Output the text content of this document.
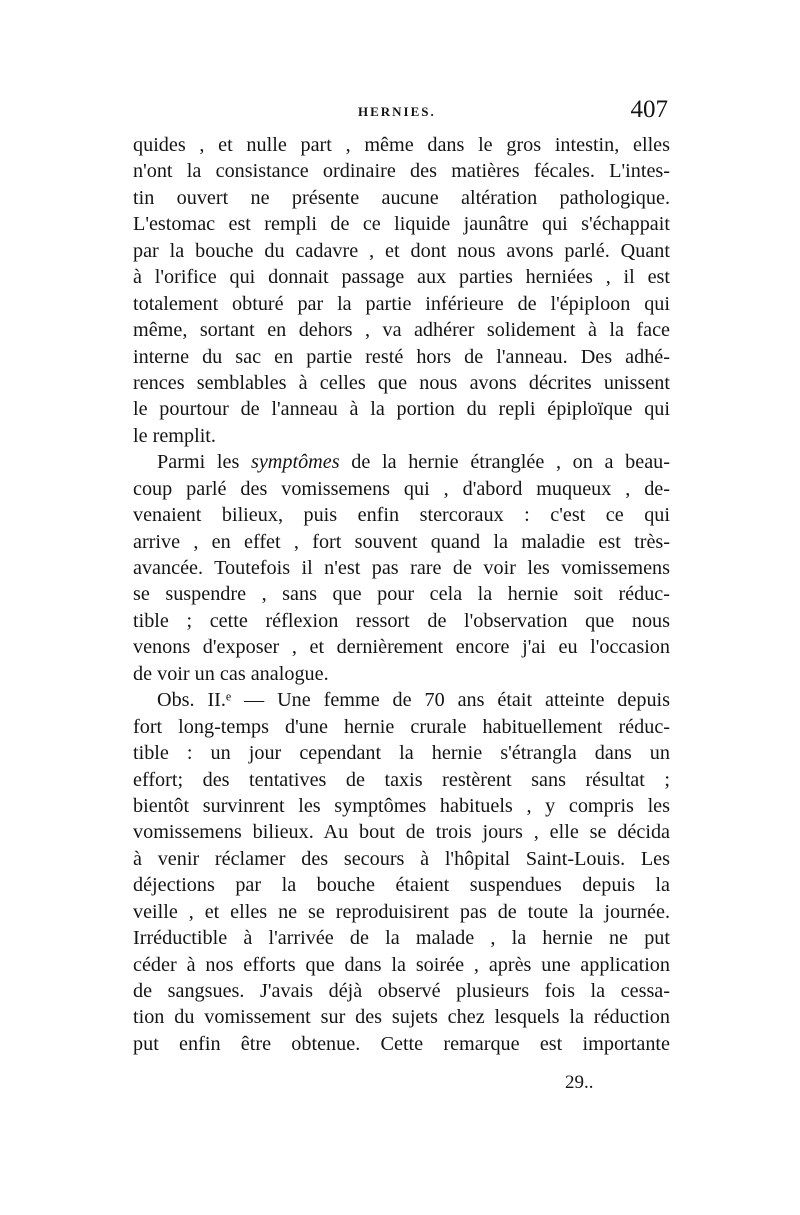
HERNIES.	407
quides , et nulle part , même dans le gros intestin, elles
n'ont la consistance ordinaire des matières fécales. L'intes-
tin ouvert ne présente aucune altération pathologique.
L'estomac est rempli de ce liquide jaunâtre qui s'échappait
par la bouche du cadavre , et dont nous avons parlé. Quant
à l'orifice qui donnait passage aux parties herniées , il est
totalement obturé par la partie inférieure de l'épiploon qui
même, sortant en dehors , va adhérer solidement à la face
interne du sac en partie resté hors de l'anneau. Des adhé-
rences semblables à celles que nous avons décrites unissent
le pourtour de l'anneau à la portion du repli épiploïque qui
le remplit.
Parmi les symptômes de la hernie étranglée , on a beau-
coup parlé des vomissemens qui , d'abord muqueux , de-
venaient bilieux, puis enfin stercoraux : c'est ce qui
arrive , en effet , fort souvent quand la maladie est très-
avancée. Toutefois il n'est pas rare de voir les vomissemens
se suspendre , sans que pour cela la hernie soit réduc-
tible ; cette réflexion ressort de l'observation que nous
venons d'exposer , et dernièrement encore j'ai eu l'occasion
de voir un cas analogue.
Obs. II.ᵉ — Une femme de 70 ans était atteinte depuis
fort long-temps d'une hernie crurale habituellement réduc-
tible : un jour cependant la hernie s'étrangla dans un
effort; des tentatives de taxis restèrent sans résultat ;
bientôt survinrent les symptômes habituels , y compris les
vomissemens bilieux. Au bout de trois jours , elle se décida
à venir réclamer des secours à l'hôpital Saint-Louis. Les
déjections par la bouche étaient suspendues depuis la
veille , et elles ne se reproduisirent pas de toute la journée.
Irréductible à l'arrivée de la malade , la hernie ne put
céder à nos efforts que dans la soirée , après une application
de sangsues. J'avais déjà observé plusieurs fois la cessa-
tion du vomissement sur des sujets chez lesquels la réduction
put enfin être obtenue. Cette remarque est importante
29..
